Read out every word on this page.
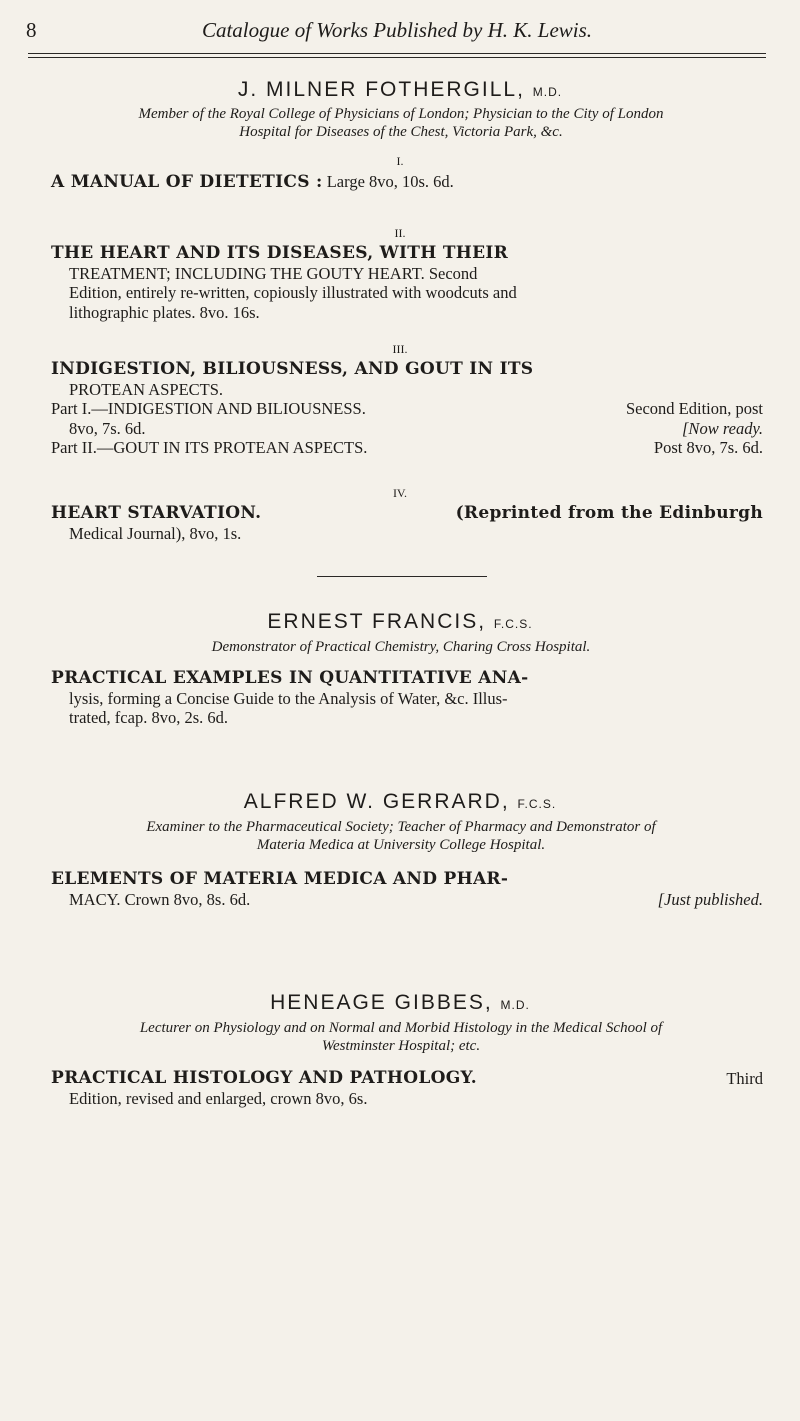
8	Catalogue of Works Published by H. K. Lewis.
J. MILNER FOTHERGILL, M.D.
Member of the Royal College of Physicians of London; Physician to the City of London
Hospital for Diseases of the Chest, Victoria Park, &c.
I.
A MANUAL OF DIETETICS : Large 8vo, 10s. 6d.
II.
THE HEART AND ITS DISEASES, WITH THEIR
TREATMENT; INCLUDING THE GOUTY HEART. Second
Edition, entirely re-written, copiously illustrated with woodcuts and
lithographic plates. 8vo. 16s.
III.
INDIGESTION, BILIOUSNESS, AND GOUT IN ITS
PROTEAN ASPECTS.
Part I.—INDIGESTION AND BILIOUSNESS.	Second Edition, post
8vo, 7s. 6d.	[Now ready.
Part II.—GOUT IN ITS PROTEAN ASPECTS.	Post 8vo, 7s. 6d.
IV.
HEART STARVATION.	(Reprinted from the Edinburgh
Medical Journal), 8vo, 1s.
ERNEST FRANCIS, F.C.S.
Demonstrator of Practical Chemistry, Charing Cross Hospital.
PRACTICAL EXAMPLES IN QUANTITATIVE ANA-
lysis, forming a Concise Guide to the Analysis of Water, &c. Illus-
trated, fcap. 8vo, 2s. 6d.
ALFRED W. GERRARD, F.C.S.
Examiner to the Pharmaceutical Society; Teacher of Pharmacy and Demonstrator of
Materia Medica at University College Hospital.
ELEMENTS OF MATERIA MEDICA AND PHAR-
MACY. Crown 8vo, 8s. 6d.	[Just published.
HENEAGE GIBBES, M.D.
Lecturer on Physiology and on Normal and Morbid Histology in the Medical School of
Westminster Hospital; etc.
PRACTICAL HISTOLOGY AND PATHOLOGY.	Third
Edition, revised and enlarged, crown 8vo, 6s.
